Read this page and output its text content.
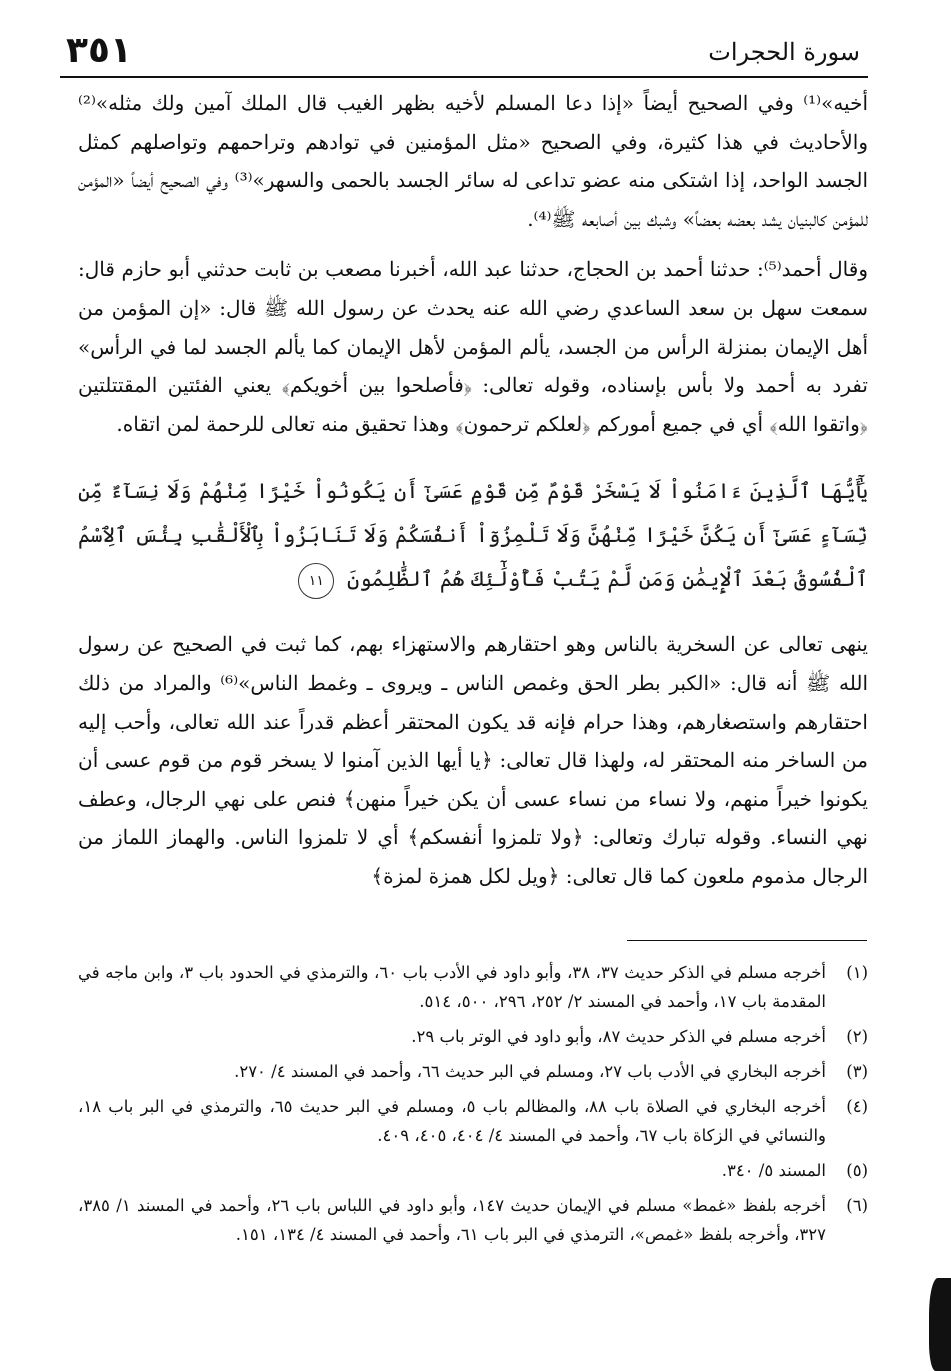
٣٥١	سورة الحجرات

أخيه»⁽¹⁾ وفي الصحيح أيضاً «إذا دعا المسلم لأخيه بظهر الغيب قال الملك آمين ولك مثله»⁽²⁾ والأحاديث في هذا كثيرة، وفي الصحيح «مثل المؤمنين في توادهم وتراحمهم وتواصلهم كمثل الجسد الواحد، إذا اشتكى منه عضو تداعى له سائر الجسد بالحمى والسهر»⁽³⁾ وفي الصحيح أيضاً «المؤمن للمؤمن كالبنيان يشد بعضه بعضاً» وشبك بين أصابعه ﷺ⁽⁴⁾.

وقال أحمد⁽⁵⁾: حدثنا أحمد بن الحجاج، حدثنا عبد الله، أخبرنا مصعب بن ثابت حدثني أبو حازم قال: سمعت سهل بن سعد الساعدي رضي الله عنه يحدث عن رسول الله ﷺ قال: «إن المؤمن من أهل الإيمان بمنزلة الرأس من الجسد، يألم المؤمن لأهل الإيمان كما يألم الجسد لما في الرأس» تفرد به أحمد ولا بأس بإسناده، وقوله تعالى: ﴿فأصلحوا بين أخويكم﴾ يعني الفئتين المقتتلتين ﴿واتقوا الله﴾ أي في جميع أموركم ﴿لعلكم ترحمون﴾ وهذا تحقيق منه تعالى للرحمة لمن اتقاه.

يَٰٓأَيُّهَا ٱلَّذِينَ ءَامَنُواْ لَا يَسْخَرْ قَوْمٌ مِّن قَوْمٍ عَسَىٰٓ أَن يَكُونُواْ خَيْرًا مِّنْهُمْ وَلَا نِسَآءٌ مِّن نِّسَآءٍ عَسَىٰٓ أَن يَكُنَّ خَيْرًا مِّنْهُنَّ وَلَا تَلْمِزُوٓاْ أَنفُسَكُمْ وَلَا تَنَابَزُواْ بِٱلْأَلْقَٰبِ بِئْسَ ٱلِٱسْمُ ٱلْفُسُوقُ بَعْدَ ٱلْإِيمَٰنِ وَمَن لَّمْ يَتُبْ فَأُوْلَٰٓئِكَ هُمُ ٱلظَّٰلِمُونَ ١١

ينهى تعالى عن السخرية بالناس وهو احتقارهم والاستهزاء بهم، كما ثبت في الصحيح عن رسول الله ﷺ أنه قال: «الكبر بطر الحق وغمص الناس ـ ويروى ـ وغمط الناس»⁽⁶⁾ والمراد من ذلك احتقارهم واستصغارهم، وهذا حرام فإنه قد يكون المحتقر أعظم قدراً عند الله تعالى، وأحب إليه من الساخر منه المحتقر له، ولهذا قال تعالى: ﴿يا أيها الذين آمنوا لا يسخر قوم من قوم عسى أن يكونوا خيراً منهم، ولا نساء من نساء عسى أن يكن خيراً منهن﴾ فنص على نهي الرجال، وعطف نهي النساء. وقوله تبارك وتعالى: ﴿ولا تلمزوا أنفسكم﴾ أي لا تلمزوا الناس. والهماز اللماز من الرجال مذموم ملعون كما قال تعالى: ﴿ويل لكل همزة لمزة﴾

(١)
أخرجه مسلم في الذكر حديث ٣٧، ٣٨، وأبو داود في الأدب باب ٦٠، والترمذي في الحدود باب ٣، وابن ماجه في المقدمة باب ١٧، وأحمد في المسند ٢/ ٢٥٢، ٢٩٦، ٥٠٠، ٥١٤.
(٢)
أخرجه مسلم في الذكر حديث ٨٧، وأبو داود في الوتر باب ٢٩.
(٣)
أخرجه البخاري في الأدب باب ٢٧، ومسلم في البر حديث ٦٦، وأحمد في المسند ٤/ ٢٧٠.
(٤)
أخرجه البخاري في الصلاة باب ٨٨، والمظالم باب ٥، ومسلم في البر حديث ٦٥، والترمذي في البر باب ١٨، والنسائي في الزكاة باب ٦٧، وأحمد في المسند ٤/ ٤٠٤، ٤٠٥، ٤٠٩.
(٥)
المسند ٥/ ٣٤٠.
(٦)
أخرجه بلفظ «غمط» مسلم في الإيمان حديث ١٤٧، وأبو داود في اللباس باب ٢٦، وأحمد في المسند ١/ ٣٨٥، ٣٢٧، وأخرجه بلفظ «غمص»، الترمذي في البر باب ٦١، وأحمد في المسند ٤/ ١٣٤، ١٥١.
